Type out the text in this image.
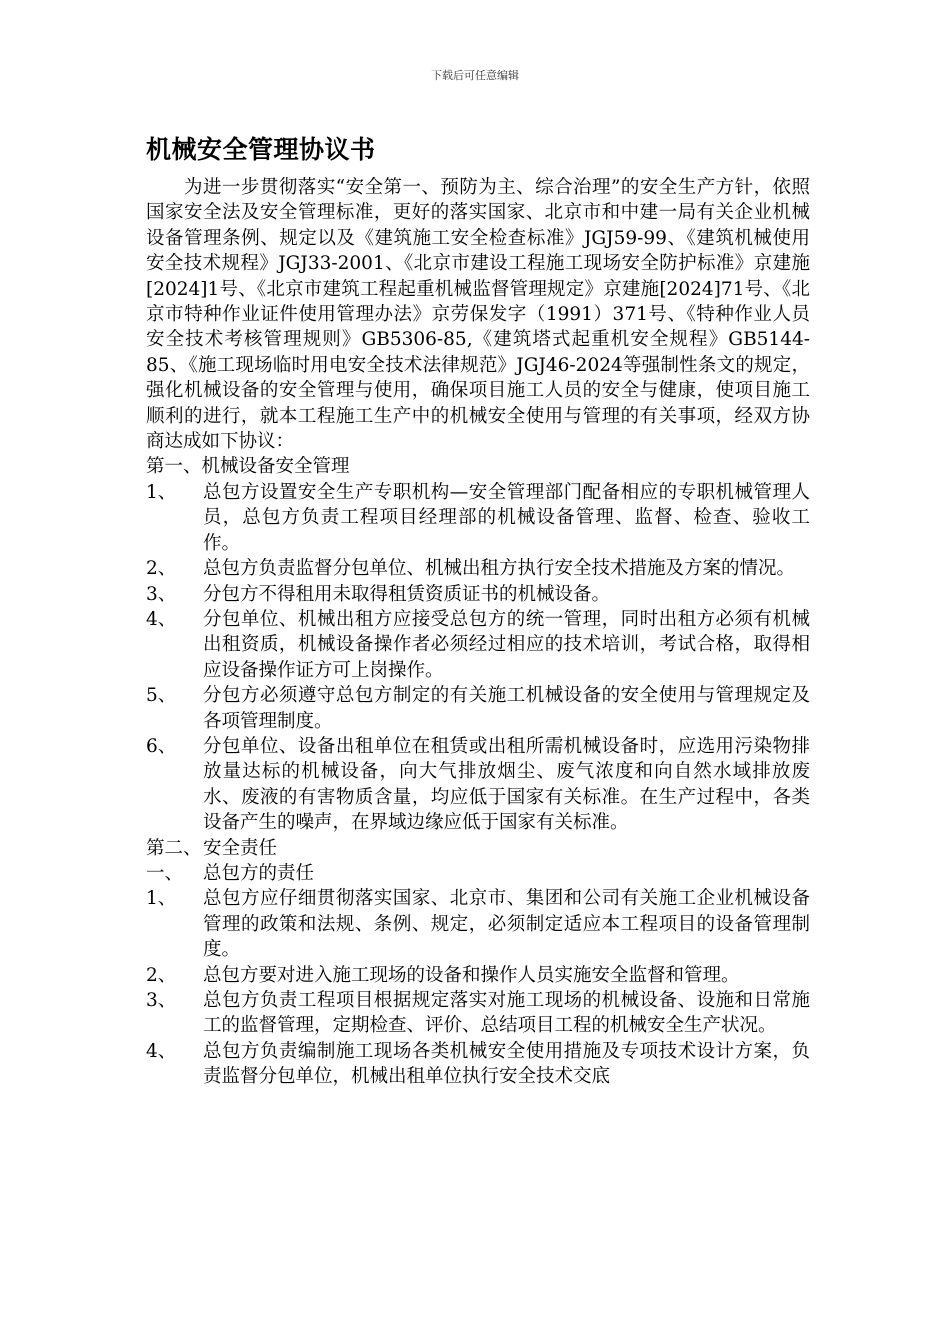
下载后可任意编辑
机械安全管理协议书

为进一步贯彻落实“安全第一、预防为主、综合治理”的安全生产方针，依照国家安全法及安全管理标准，更好的落实国家、北京市和中建一局有关企业机械设备管理条例、规定以及《建筑施工安全检查标准》JGJ59-99、《建筑机械使用安全技术规程》JGJ33-2001、《北京市建设工程施工现场安全防护标准》京建施[2024]1号、《北京市建筑工程起重机械监督管理规定》京建施[2024]71号、《北京市特种作业证件使用管理办法》京劳保发字（1991）371号、《特种作业人员安全技术考核管理规则》GB5306-85,《建筑塔式起重机安全规程》GB5144-85、《施工现场临时用电安全技术法律规范》JGJ46-2024等强制性条文的规定，强化机械设备的安全管理与使用，确保项目施工人员的安全与健康，使项目施工顺利的进行，就本工程施工生产中的机械安全使用与管理的有关事项，经双方协商达成如下协议：

第一、机械设备安全管理

1、	总包方设置安全生产专职机构—安全管理部门配备相应的专职机械管理人员，总包方负责工程项目经理部的机械设备管理、监督、检查、验收工作。
2、	总包方负责监督分包单位、机械出租方执行安全技术措施及方案的情况。
3、	分包方不得租用未取得租赁资质证书的机械设备。
4、	分包单位、机械出租方应接受总包方的统一管理，同时出租方必须有机械出租资质，机械设备操作者必须经过相应的技术培训，考试合格，取得相应设备操作证方可上岗操作。
5、	分包方必须遵守总包方制定的有关施工机械设备的安全使用与管理规定及各项管理制度。
6、	分包单位、设备出租单位在租赁或出租所需机械设备时，应选用污染物排放量达标的机械设备，向大气排放烟尘、废气浓度和向自然水域排放废水、废液的有害物质含量，均应低于国家有关标准。在生产过程中，各类设备产生的噪声，在界域边缘应低于国家有关标准。
第二、 安全责任
一、	总包方的责任
1、	总包方应仔细贯彻落实国家、北京市、集团和公司有关施工企业机械设备管理的政策和法规、条例、规定，必须制定适应本工程项目的设备管理制度。
2、	总包方要对进入施工现场的设备和操作人员实施安全监督和管理。
3、	总包方负责工程项目根据规定落实对施工现场的机械设备、设施和日常施工的监督管理，定期检查、评价、总结项目工程的机械安全生产状况。
4、	总包方负责编制施工现场各类机械安全使用措施及专项技术设计方案，负责监督分包单位，机械出租单位执行安全技术交底
